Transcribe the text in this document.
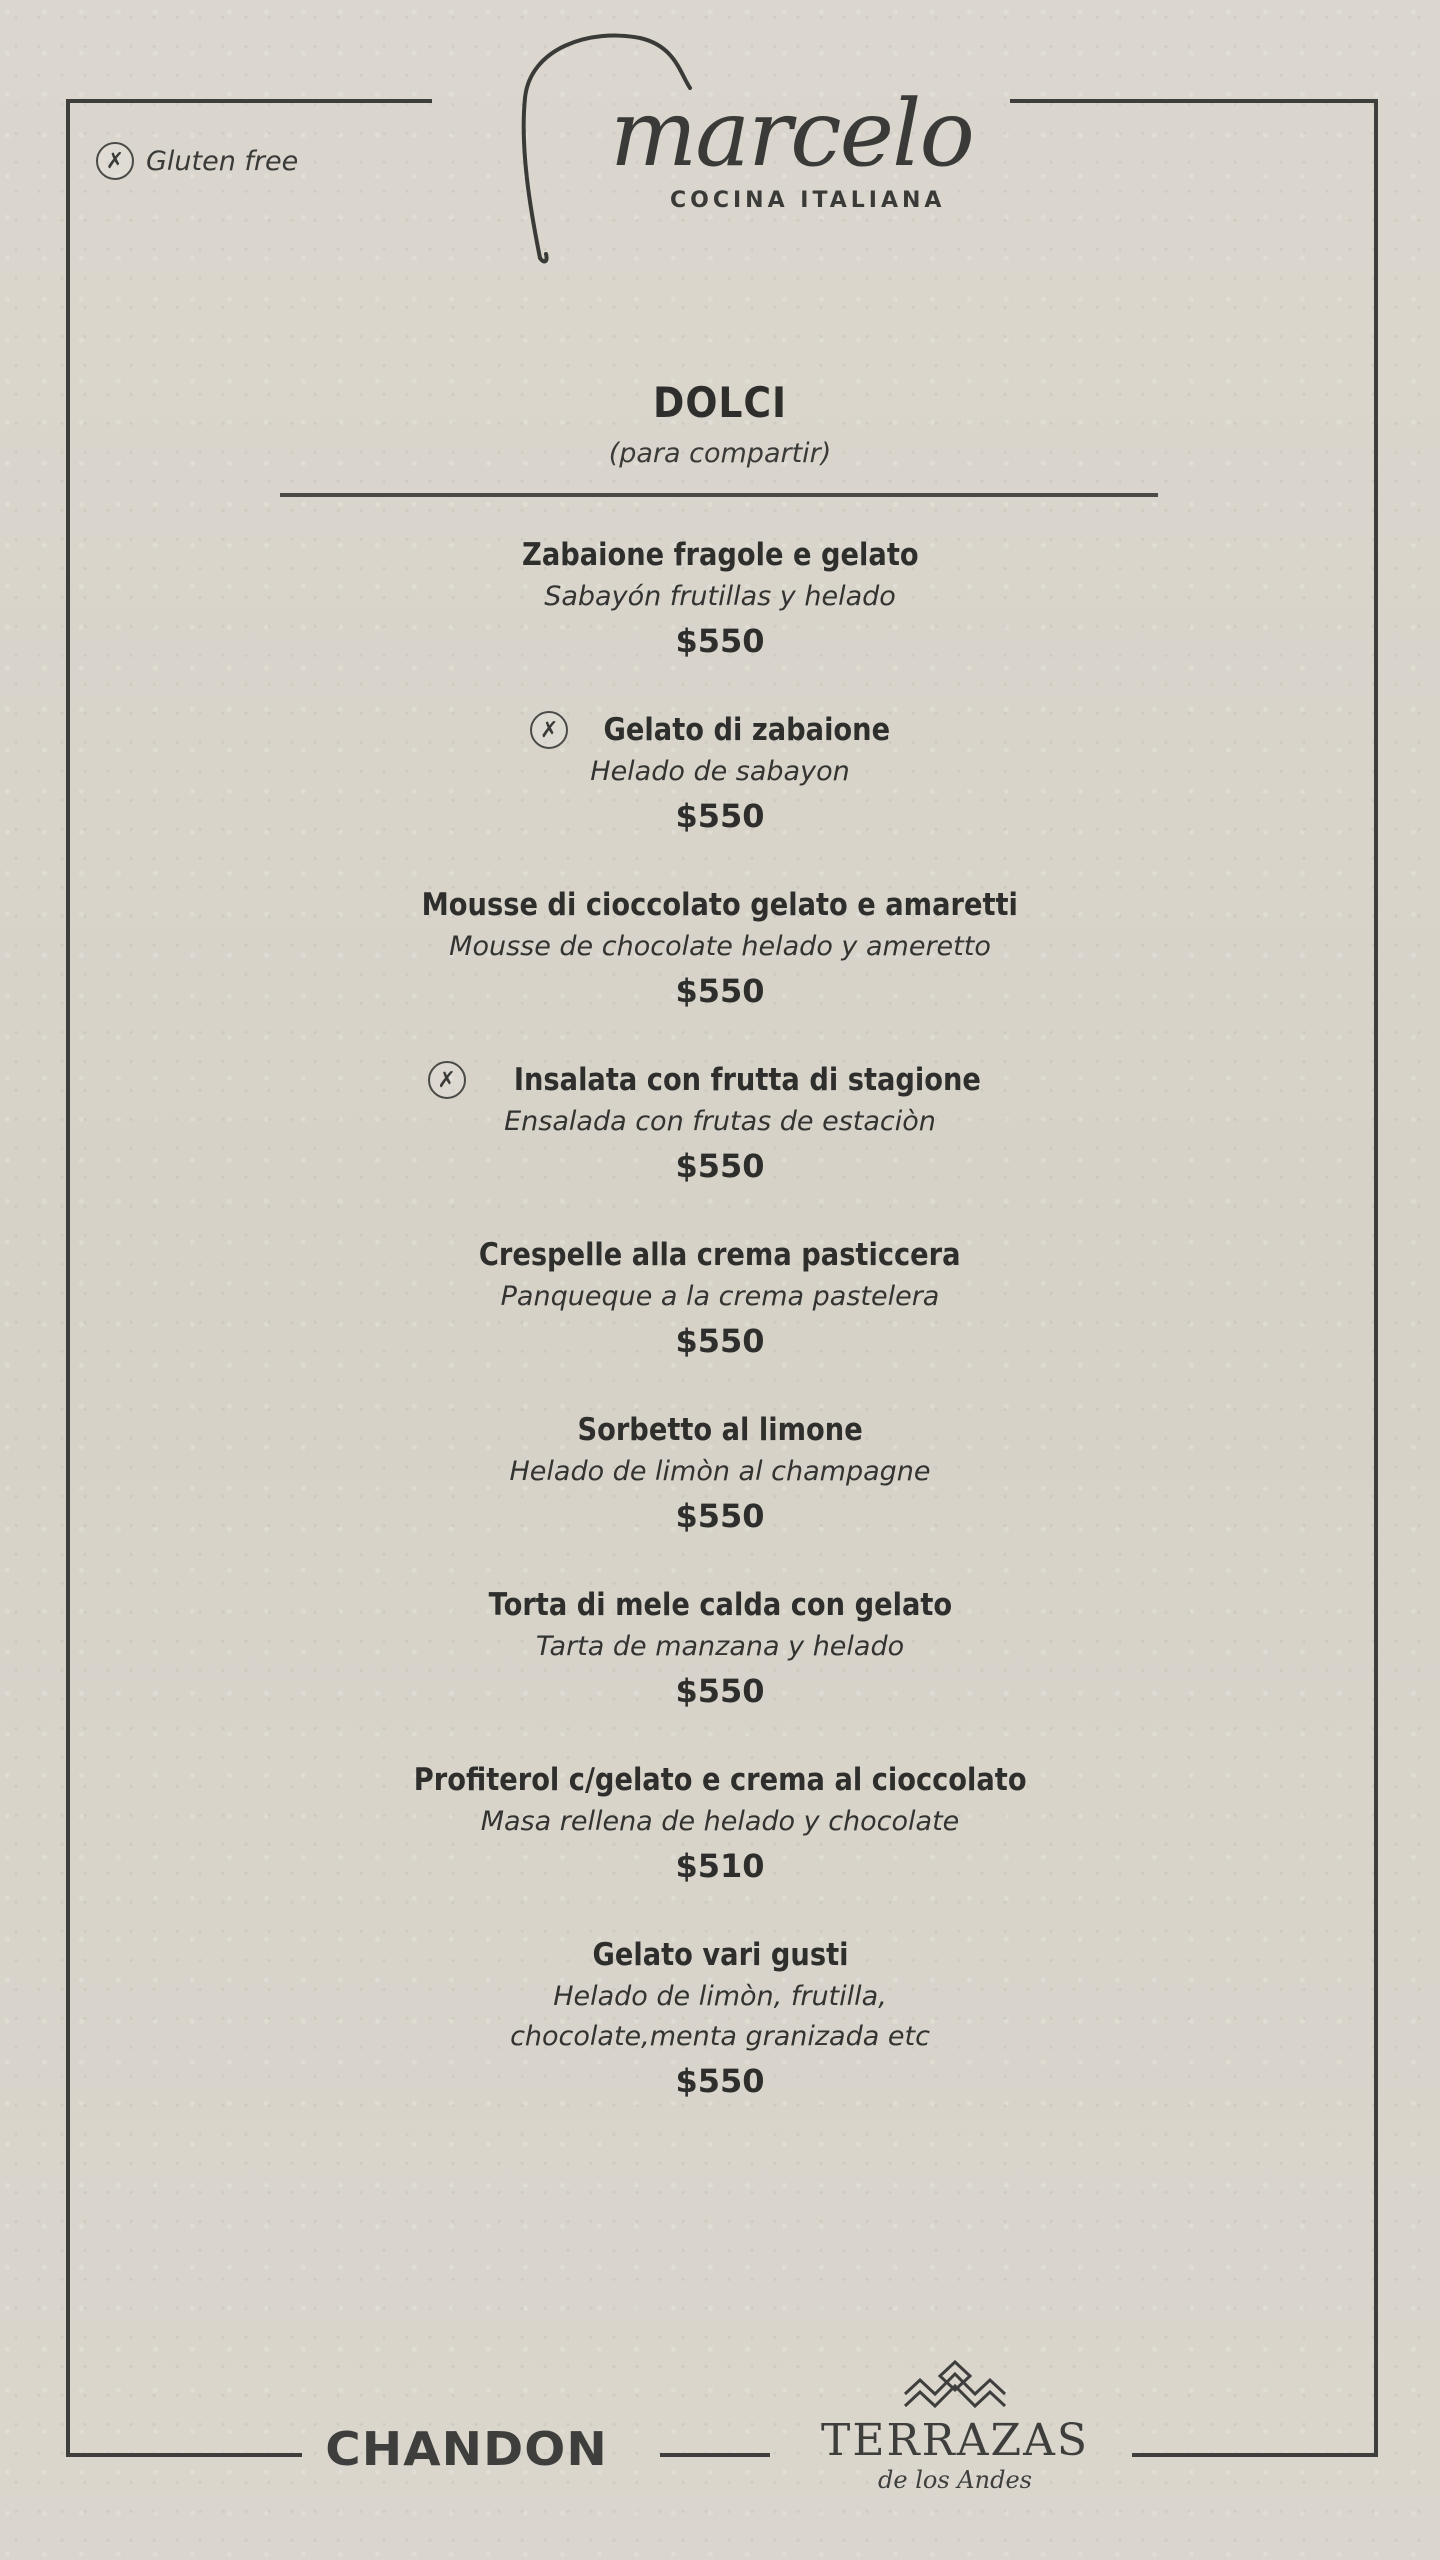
marcelo
COCINA ITALIANA
✗ Gluten free
DOLCI
(para compartir)
Zabaione fragole e gelato
Sabayón frutillas y helado
$550
✗	Gelato di zabaione
Helado de sabayon
$550
Mousse di cioccolato gelato e amaretti
Mousse de chocolate helado y ameretto
$550
✗	Insalata con frutta di stagione
Ensalada con frutas de estaciòn
$550
Crespelle alla crema pasticcera
Panqueque a la crema pastelera
$550
Sorbetto al limone
Helado de limòn al champagne
$550
Torta di mele calda con gelato
Tarta de manzana y helado
$550
Profiterol c/gelato e crema al cioccolato
Masa rellena de helado y chocolate
$510
Gelato vari gusti
Helado de limòn, frutilla,
chocolate,menta granizada etc
$550
CHANDON	TERRAZAS
de los Andes
